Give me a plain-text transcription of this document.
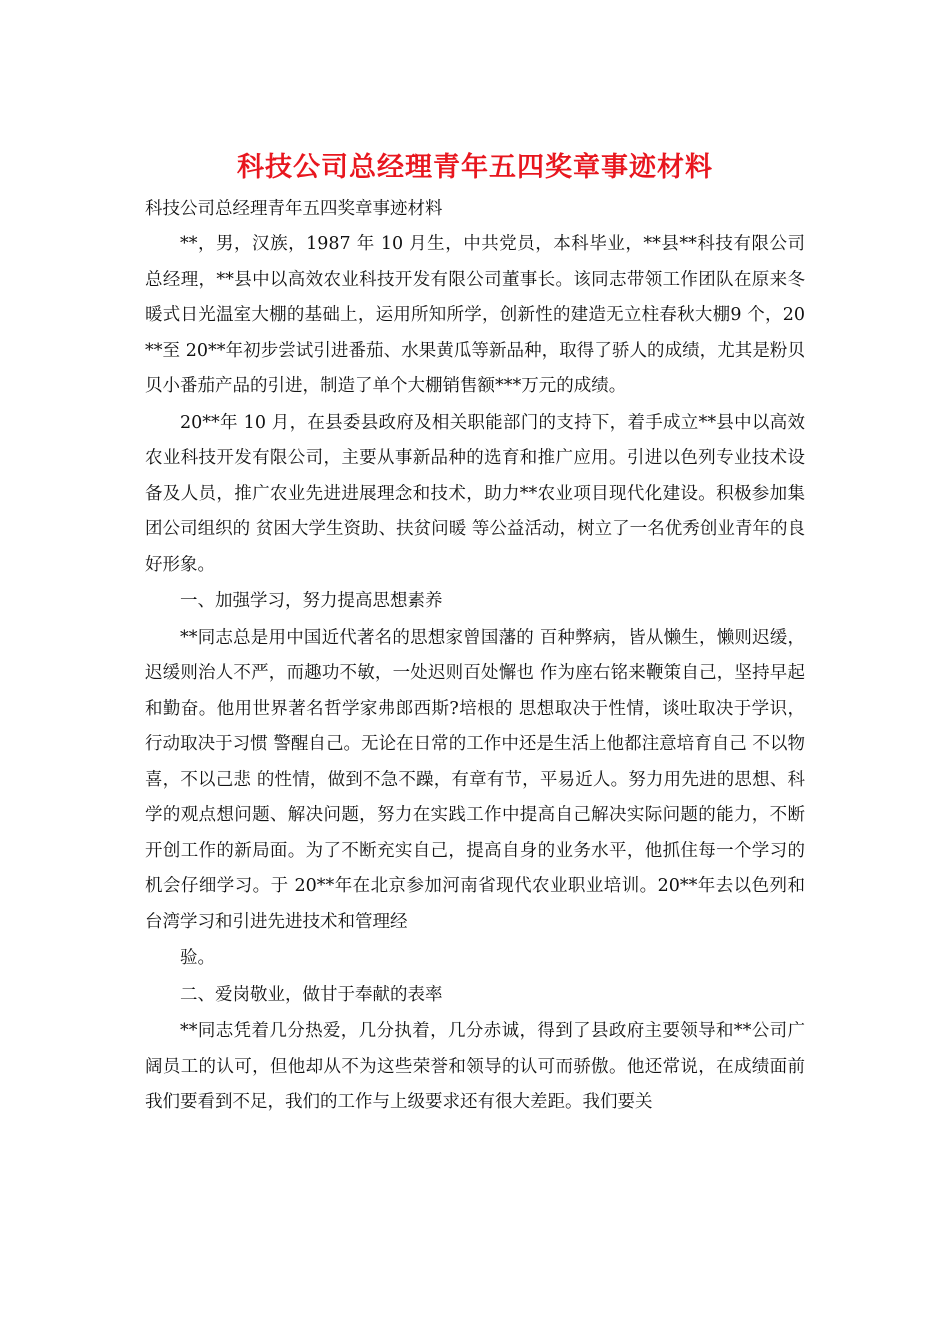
科技公司总经理青年五四奖章事迹材料

科技公司总经理青年五四奖章事迹材料

**，男，汉族，1987 年 10 月生，中共党员，本科毕业，**县**科技有限公司总经理，**县中以高效农业科技开发有限公司董事长。该同志带领工作团队在原来冬暖式日光温室大棚的基础上，运用所知所学，创新性的建造无立柱春秋大棚9 个，20**至 20**年初步尝试引进番茄、水果黄瓜等新品种，取得了骄人的成绩，尤其是粉贝贝小番茄产品的引进，制造了单个大棚销售额***万元的成绩。

20**年 10 月，在县委县政府及相关职能部门的支持下，着手成立**县中以高效农业科技开发有限公司，主要从事新品种的选育和推广应用。引进以色列专业技术设备及人员，推广农业先进进展理念和技术，助力**农业项目现代化建设。积极参加集团公司组织的 贫困大学生资助、扶贫问暖 等公益活动，树立了一名优秀创业青年的良好形象。

一、加强学习，努力提高思想素养

**同志总是用中国近代著名的思想家曾国藩的 百种弊病，皆从懒生，懒则迟缓，迟缓则治人不严，而趣功不敏，一处迟则百处懈也 作为座右铭来鞭策自己，坚持早起和勤奋。他用世界著名哲学家弗郎西斯?培根的 思想取决于性情，谈吐取决于学识，行动取决于习惯 警醒自己。无论在日常的工作中还是生活上他都注意培育自己 不以物喜，不以己悲 的性情，做到不急不躁，有章有节，平易近人。努力用先进的思想、科学的观点想问题、解决问题，努力在实践工作中提高自己解决实际问题的能力，不断开创工作的新局面。为了不断充实自己，提高自身的业务水平，他抓住每一个学习的机会仔细学习。于 20**年在北京参加河南省现代农业职业培训。20**年去以色列和台湾学习和引进先进技术和管理经

验。

二、爱岗敬业，做甘于奉献的表率

**同志凭着几分热爱，几分执着，几分赤诚，得到了县政府主要领导和**公司广阔员工的认可，但他却从不为这些荣誉和领导的认可而骄傲。他还常说，在成绩面前我们要看到不足，我们的工作与上级要求还有很大差距。我们要关
